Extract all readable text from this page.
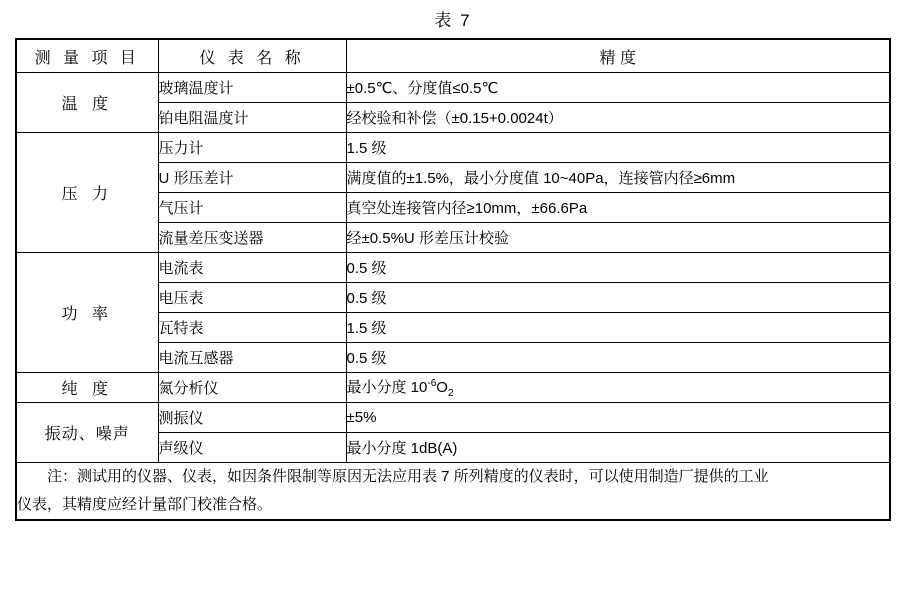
表 7
测 量 项 目	仪 表 名 称	精 度
温 度	玻璃温度计	±0.5℃、分度值≤0.5℃
	铂电阻温度计	经校验和补偿（±0.15+0.0024t）
压 力	压力计	1.5 级
	U 形压差计	满度值的±1.5%，最小分度值 10~40Pa，连接管内径≥6mm
	气压计	真空处连接管内径≥10mm，±66.6Pa
	流量差压变送器	经±0.5%U 形差压计校验
功 率	电流表	0.5 级
	电压表	0.5 级
	瓦特表	1.5 级
	电流互感器	0.5 级
纯 度	氮分析仪	最小分度 $10^{-6}O_2$
振动、噪声	测振仪	±5%
	声级仪	最小分度 1dB(A)

注：测试用的仪器、仪表，如因条件限制等原因无法应用表 7 所列精度的仪表时，可以使用制造厂提供的工业

仪表，其精度应经计量部门校准合格。		
